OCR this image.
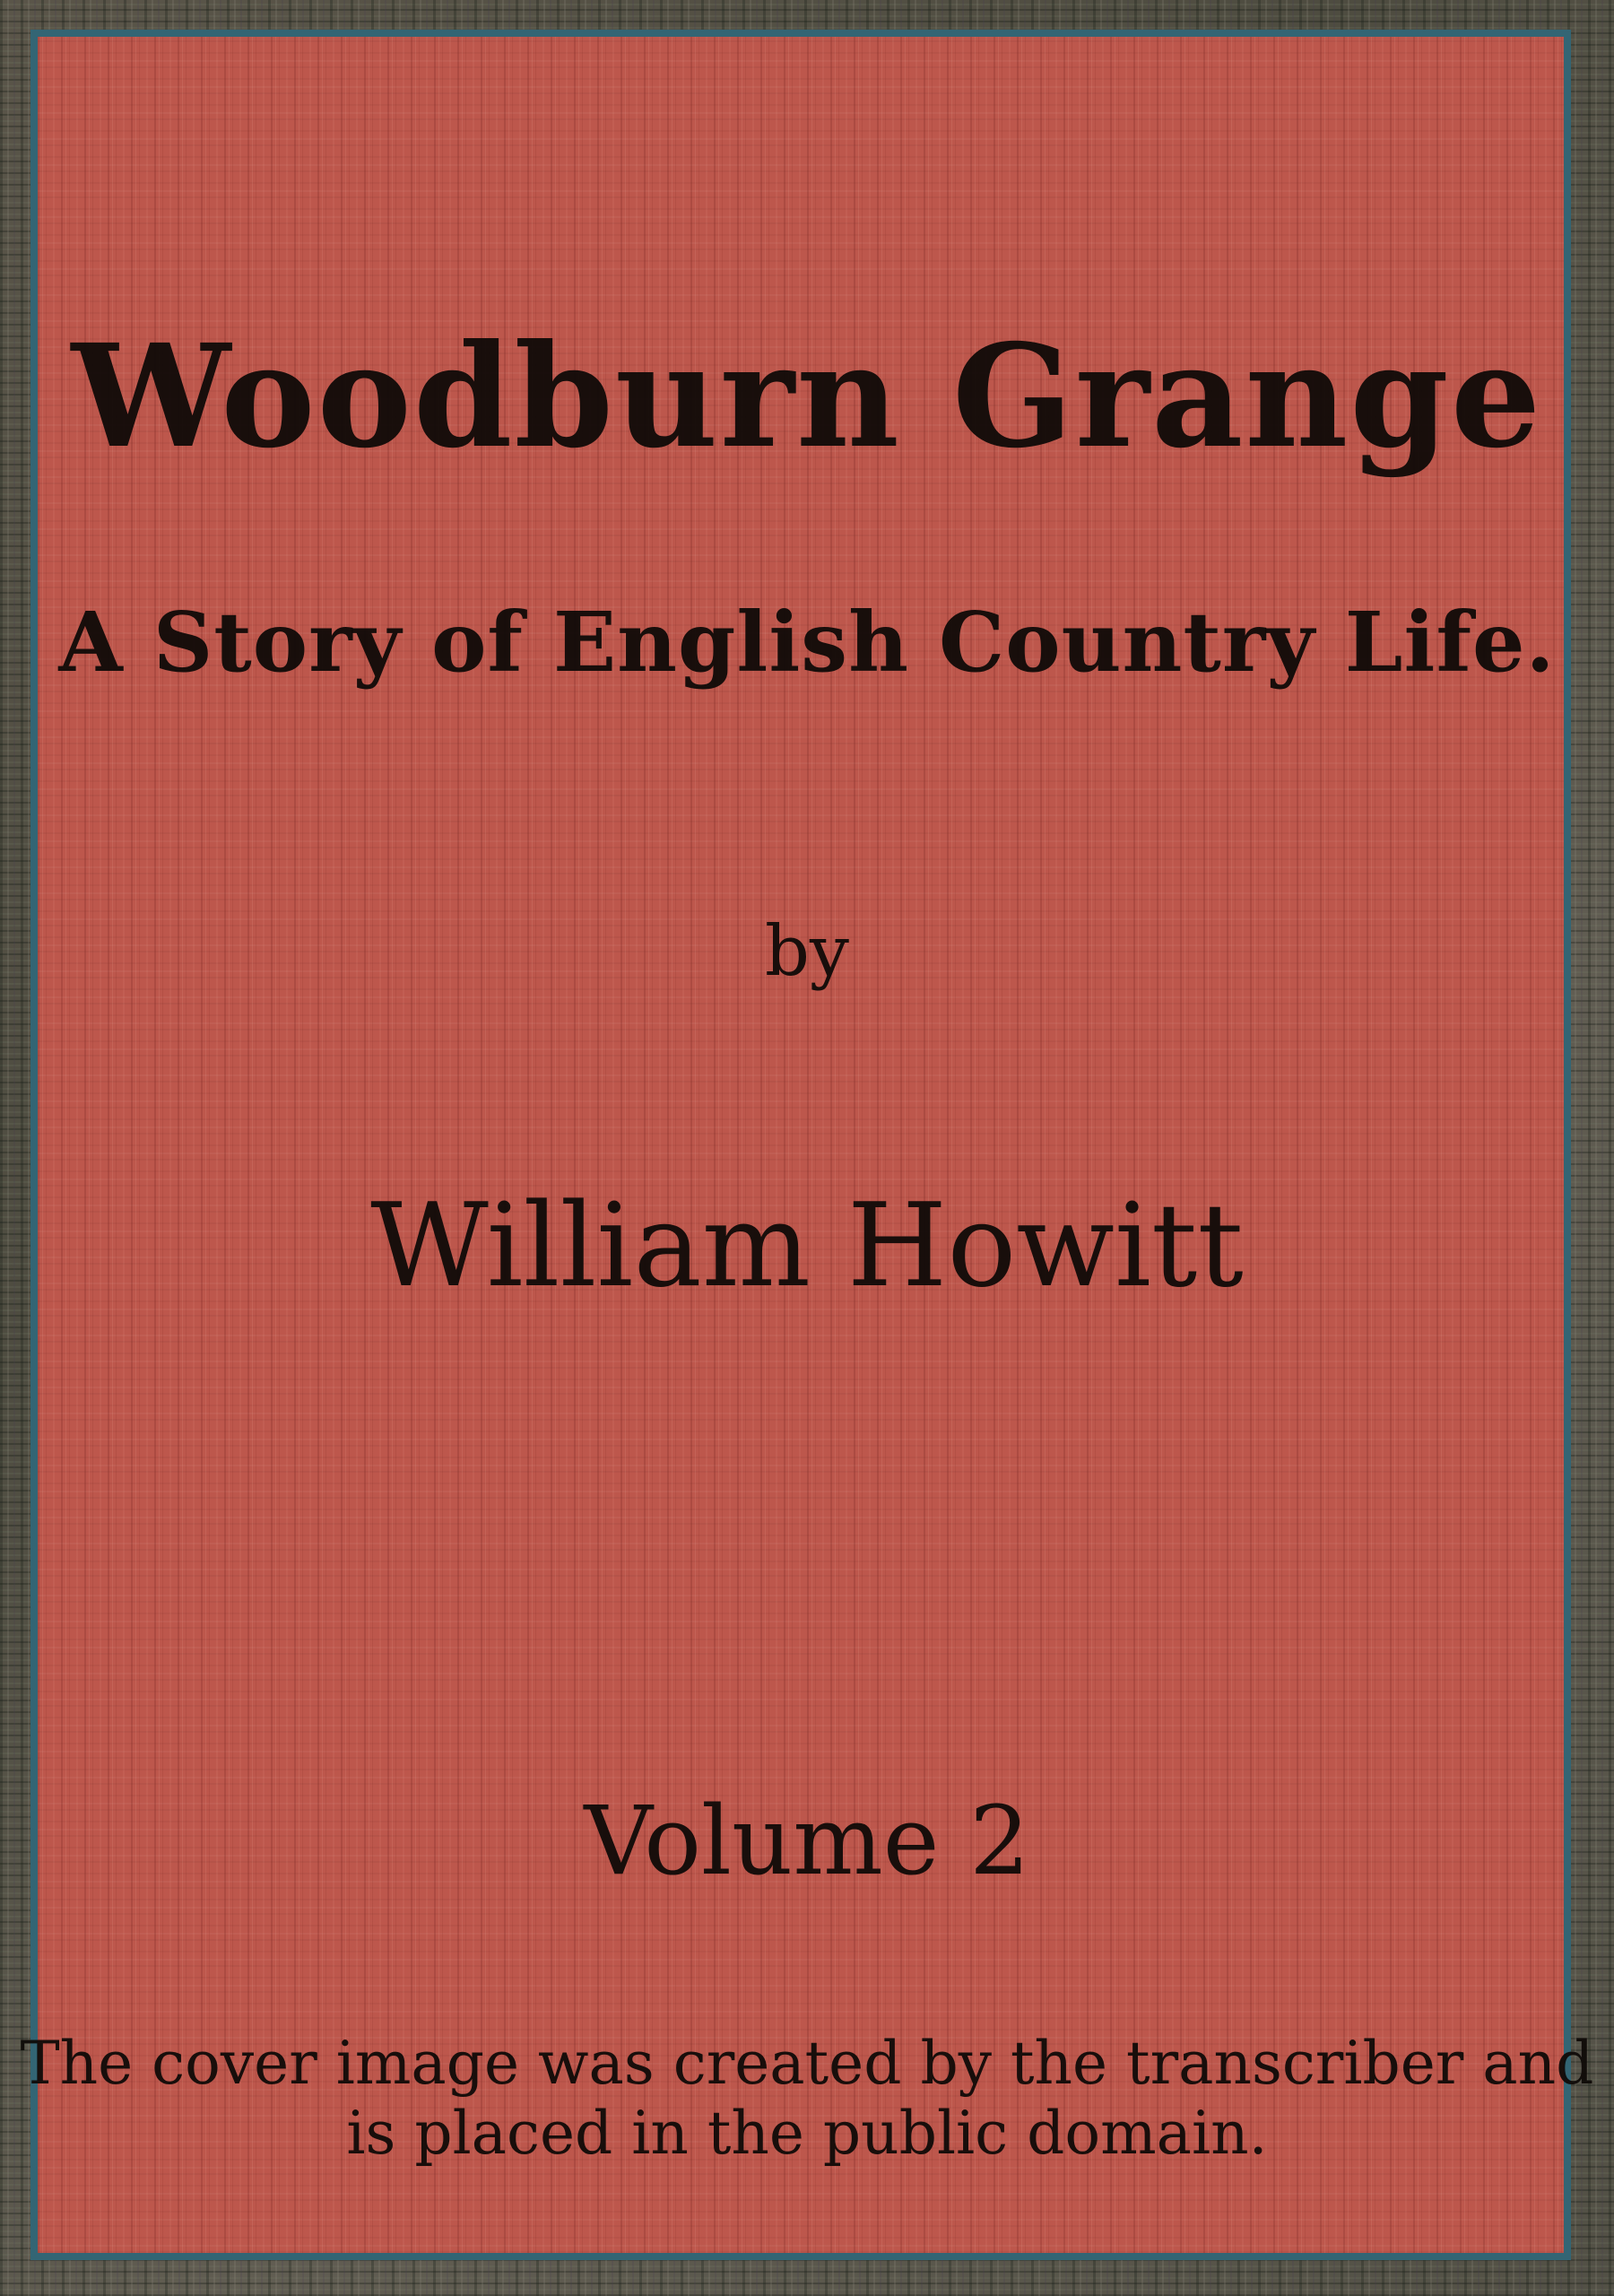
Woodburn Grange
A Story of English Country Life.
by
William Howitt
Volume 2
The cover image was created by the transcriber and
is placed in the public domain.
